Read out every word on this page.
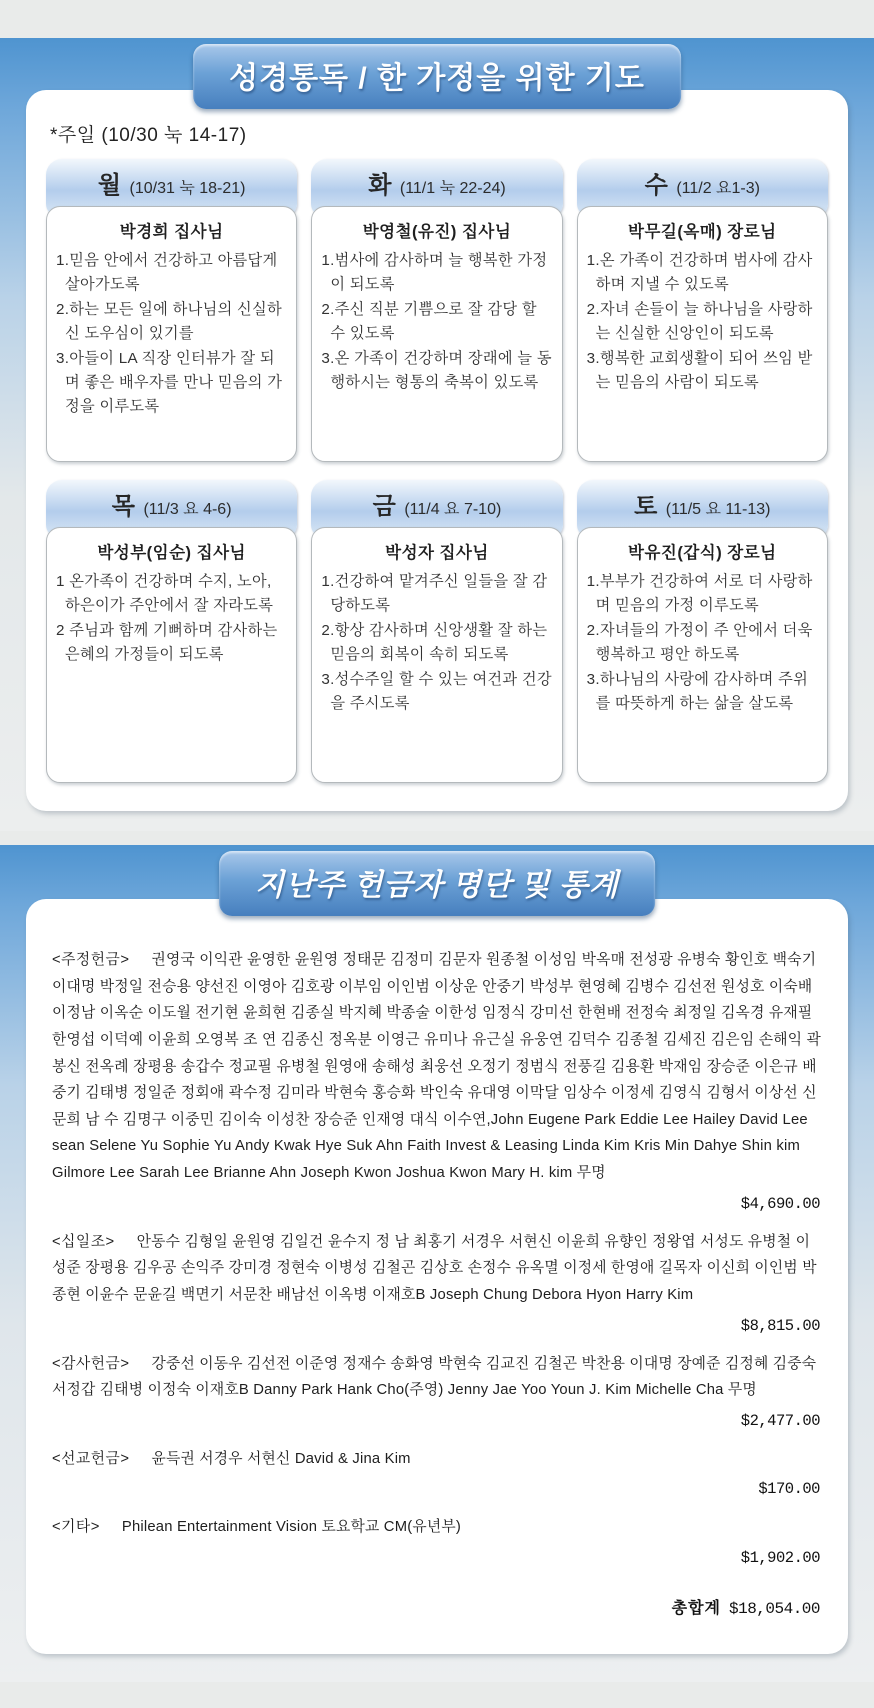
성경통독 / 한 가정을 위한 기도
*주일 (10/30 눅 14-17)
월 (10/31 눅 18-21)
박경희 집사님
1.믿음 안에서 건강하고 아름답게 살아가도록
2.하는 모든 일에 하나님의 신실하신 도우심이 있기를
3.아들이 LA 직장 인터뷰가 잘 되며 좋은 배우자를 만나 믿음의 가정을 이루도록
화 (11/1 눅 22-24)
박영철(유진) 집사님
1.범사에 감사하며 늘 행복한 가정이 되도록
2.주신 직분 기쁨으로 잘 감당 할 수 있도록
3.온 가족이 건강하며 장래에 늘 동행하시는 형통의 축복이 있도록
수 (11/2 요1-3)
박무길(옥매) 장로님
1.온 가족이 건강하며 범사에 감사하며 지낼 수 있도록
2.자녀 손들이 늘 하나님을 사랑하는 신실한 신앙인이 되도록
3.행복한 교회생활이 되어 쓰임 받는 믿음의 사람이 되도록
목 (11/3 요 4-6)
박성부(임순) 집사님
1 온가족이 건강하며 수지, 노아, 하은이가 주안에서 잘 자라도록
2 주님과 함께 기뻐하며 감사하는 은혜의 가정들이 되도록
금 (11/4 요 7-10)
박성자 집사님
1.건강하여 맡겨주신 일들을 잘 감당하도록
2.항상 감사하며 신앙생활 잘 하는 믿음의 회복이 속히 되도록
3.성수주일 할 수 있는 여건과 건강을 주시도록
토 (11/5 요 11-13)
박유진(갑식) 장로님
1.부부가 건강하여 서로 더 사랑하며 믿음의 가정 이루도록
2.자녀들의 가정이 주 안에서 더욱 행복하고 평안 하도록
3.하나님의 사랑에 감사하며 주위를 따뜻하게 하는 삶을 살도록
지난주 헌금자 명단 및 통계
<주정헌금> 권영국 이익관 윤영한 윤원영 정태문 김정미 김문자 원종철 이성임 박옥매 전성광 유병숙 황인호 백숙기 이대명 박정일 전승용 양선진 이영아 김호광 이부임 이인범 이상운 안중기 박성부 현영혜 김병수 김선전 원성호 이숙배 이정남 이옥순 이도월 전기현 윤희현 김종실 박지혜 박종술 이한성 임정식 강미선 한현배 전정숙 최정일 김옥경 유재필 한영섭 이덕예 이윤희 오영복 조 연 김종신 정옥분 이영근 유미나 유근실 유웅연 김덕수 김종철 김세진 김은임 손해익 곽봉신 전옥례 장평용 송갑수 정교필 유병철 원영애 송해성 최웅선 오정기 정범식 전풍길 김용환 박재임 장승준 이은규 배중기 김태병 정일준 정회애 곽수정 김미라 박현숙 홍승화 박인숙 유대영 이막달 임상수 이정세 김영식 김형서 이상선 신문희 남 수 김명구 이중민 김이숙 이성찬 장승준 인재영 대식 이수연,John Eugene Park Eddie Lee Hailey David Lee sean Selene Yu Sophie Yu Andy Kwak Hye Suk Ahn Faith Invest & Leasing Linda Kim Kris Min Dahye Shin kim Gilmore Lee Sarah Lee Brianne Ahn Joseph Kwon Joshua Kwon Mary H. kim 무명
$4,690.00
<십일조> 안동수 김형일 윤원영 김일건 윤수지 정 남 최홍기 서경우 서현신 이윤희 유향인 정왕엽 서성도 유병철 이성준 장평용 김우공 손익주 강미경 정현숙 이병성 김철곤 김상호 손정수 유옥멸 이정세 한영애 길목자 이신희 이인범 박종현 이윤수 문윤길 백면기 서문찬 배남선 이옥병 이재호B Joseph Chung Debora Hyon Harry Kim
$8,815.00
<감사헌금> 강중선 이동우 김선전 이준영 정재수 송화영 박현숙 김교진 김철곤 박찬용 이대명 장예준 김정혜 김중숙 서정갑 김태병 이정숙 이재호B Danny Park Hank Cho(주영) Jenny Jae Yoo Youn J. Kim Michelle Cha 무명
$2,477.00
<선교헌금> 윤득권 서경우 서현신 David & Jina Kim
$170.00
<기타> Philean Entertainment Vision 토요학교 CM(유년부)
$1,902.00
총합계 $18,054.00
